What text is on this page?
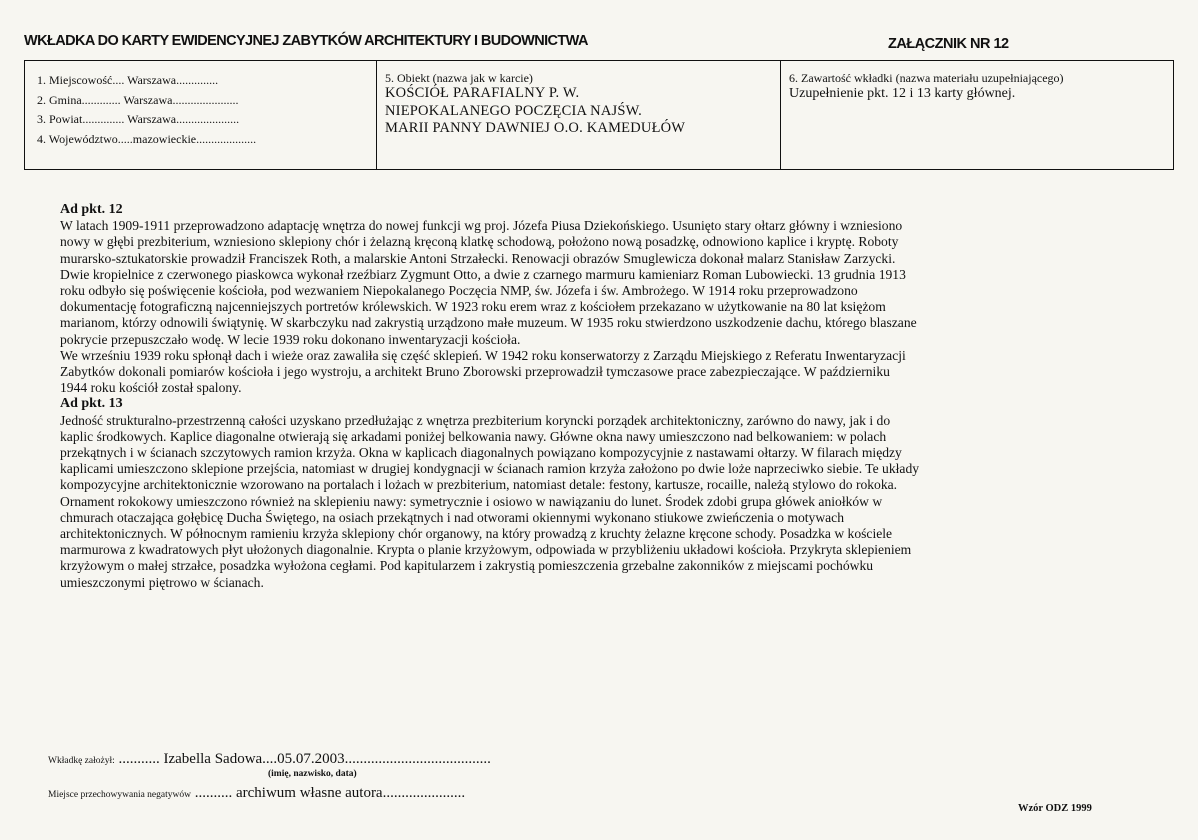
WKŁADKA DO KARTY EWIDENCYJNEJ ZABYTKÓW ARCHITEKTURY I BUDOWNICTWA	ZAŁĄCZNIK NR 12
1. Miejscowość.... Warszawa..............
2. Gmina............. Warszawa......................
3. Powiat.............. Warszawa.....................
4. Województwo.....mazowieckie....................
5. Obiekt (nazwa jak w karcie)
KOŚCIÓŁ PARAFIALNY P. W.
NIEPOKALANEGO POCZĘCIA NAJŚW.
MARII PANNY DAWNIEJ O.O. KAMEDUŁÓW
6. Zawartość wkładki (nazwa materiału uzupełniającego)
Uzupełnienie pkt. 12 i 13 karty głównej.
Ad pkt. 12
W latach 1909-1911 przeprowadzono adaptację wnętrza do nowej funkcji wg proj. Józefa Piusa Dziekońskiego. Usunięto stary ołtarz główny i wzniesiono
nowy w głębi prezbiterium, wzniesiono sklepiony chór i żelazną kręconą klatkę schodową, położono nową posadzkę, odnowiono kaplice i kryptę. Roboty
murarsko-sztukatorskie prowadził Franciszek Roth, a malarskie Antoni Strzałecki. Renowacji obrazów Smuglewicza dokonał malarz Stanisław Zarzycki.
Dwie kropielnice z czerwonego piaskowca wykonał rzeźbiarz Zygmunt Otto, a dwie z czarnego marmuru kamieniarz Roman Lubowiecki. 13 grudnia 1913
roku odbyło się poświęcenie kościoła, pod wezwaniem Niepokalanego Poczęcia NMP, św. Józefa i św. Ambrożego. W 1914 roku przeprowadzono
dokumentację fotograficzną najcenniejszych portretów królewskich. W 1923 roku erem wraz z kościołem przekazano w użytkowanie na 80 lat księżom
marianom, którzy odnowili świątynię. W skarbczyku nad zakrystią urządzono małe muzeum. W 1935 roku stwierdzono uszkodzenie dachu, którego blaszane
pokrycie przepuszczało wodę. W lecie 1939 roku dokonano inwentaryzacji kościoła.
We wrześniu 1939 roku spłonął dach i wieże oraz zawaliła się część sklepień. W 1942 roku konserwatorzy z Zarządu Miejskiego z Referatu Inwentaryzacji
Zabytków dokonali pomiarów kościoła i jego wystroju, a architekt Bruno Zborowski przeprowadził tymczasowe prace zabezpieczające. W październiku
1944 roku kościół został spalony.
Ad pkt. 13
Jedność strukturalno-przestrzenną całości uzyskano przedłużając z wnętrza prezbiterium koryncki porządek architektoniczny, zarówno do nawy, jak i do
kaplic środkowych. Kaplice diagonalne otwierają się arkadami poniżej belkowania nawy. Główne okna nawy umieszczono nad belkowaniem: w polach
przekątnych i w ścianach szczytowych ramion krzyża. Okna w kaplicach diagonalnych powiązano kompozycyjnie z nastawami ołtarzy. W filarach między
kaplicami umieszczono sklepione przejścia, natomiast w drugiej kondygnacji w ścianach ramion krzyża założono po dwie loże naprzeciwko siebie. Te układy
kompozycyjne architektonicznie wzorowano na portalach i lożach w prezbiterium, natomiast detale: festony, kartusze, rocaille, należą stylowo do rokoka.
Ornament rokokowy umieszczono również na sklepieniu nawy: symetrycznie i osiowo w nawiązaniu do lunet. Środek zdobi grupa główek aniołków w
chmurach otaczająca gołębicę Ducha Świętego, na osiach przekątnych i nad otworami okiennymi wykonano stiukowe zwieńczenia o motywach
architektonicznych. W północnym ramieniu krzyża sklepiony chór organowy, na który prowadzą z kruchty żelazne kręcone schody. Posadzka w kościele
marmurowa z kwadratowych płyt ułożonych diagonalnie. Krypta o planie krzyżowym, odpowiada w przybliżeniu układowi kościoła. Przykryta sklepieniem
krzyżowym o małej strzałce, posadzka wyłożona cegłami. Pod kapitularzem i zakrystią pomieszczenia grzebalne zakonników z miejscami pochówku
umieszczonymi piętrowo w ścianach.
Wkładkę założył: ........... Izabella Sadowa....05.07.2003.......................................
(imię, nazwisko, data)
Miejsce przechowywania negatywów .......... archiwum własne autora......................
Wzór ODZ 1999
